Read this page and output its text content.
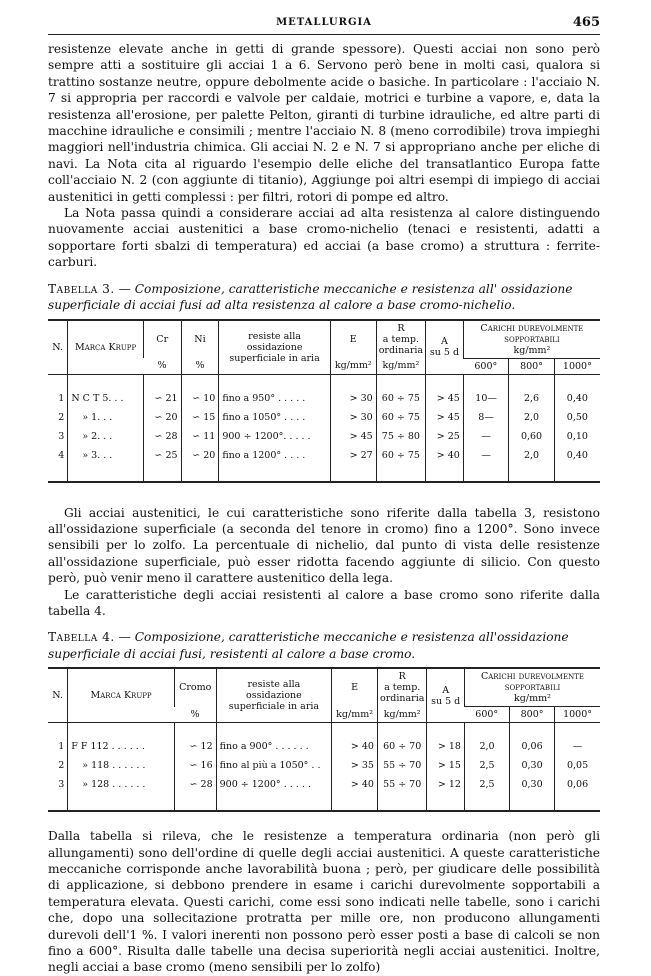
METALLURGIA	465

resistenze elevate anche in getti di grande spessore). Questi acciai non sono però sempre atti a sostituire gli acciai 1 a 6. Servono però bene in molti casi, qualora si trattino sostanze neutre, oppure debolmente acide o basiche. In particolare : l'acciaio N. 7 si appropria per raccordi e valvole per caldaie, motrici e turbine a vapore, e, data la resistenza all'erosione, per palette Pelton, giranti di turbine idrauliche, ed altre parti di macchine idrauliche e consimili ; mentre l'acciaio N. 8 (meno corrodibile) trova impieghi maggiori nell'industria chimica. Gli acciai N. 2 e N. 7 si appropriano anche per eliche di navi. La Nota cita al riguardo l'esempio delle eliche del transatlantico Europa fatte coll'acciaio N. 2 (con aggiunte di titanio), Aggiunge poi altri esempi di impiego di acciai austenitici in getti complessi : per filtri, rotori di pompe ed altro.

La Nota passa quindi a considerare acciai ad alta resistenza al calore distinguendo nuovamente acciai austenitici a base cromo-nichelio (tenaci e resistenti, adatti a sopportare forti sbalzi di temperatura) ed acciai (a base cromo) a struttura : ferrite-carburi.

Tabella 3. — Composizione, caratteristiche meccaniche e resistenza all' ossidazione superficiale di acciai fusi ad alta resistenza al calore a base cromo-nichelio.
N.	Marca Krupp	Cr	Ni	resiste alla ossidazione superficiale in aria	E	R
a temp.
ordinaria	A
su 5 d	Carichi durevolmente sopportabili
kg/mm²		
								600°	800°	1000°
		%	%		kg/mm²	kg/mm²				

1	N C T 5. . .	∽ 21	∽ 10	fino a 950° . . . . .	> 30	60 ÷ 75	> 45	10—	2,6	0,40
2	» 1. . .	∽ 20	∽ 15	fino a 1050° . . . .	> 30	60 ÷ 75	> 45	8—	2,0	0,50
3	» 2. . .	∽ 28	∽ 11	900 ÷ 1200°. . . . .	> 45	75 ÷ 80	> 25	—	0,60	0,10
4	» 3. . .	∽ 25	∽ 20	fino a 1200° . . . .	> 27	60 ÷ 75	> 40	—	2,0	0,40

Gli acciai austenitici, le cui caratteristiche sono riferite dalla tabella 3, resistono all'ossidazione superficiale (a seconda del tenore in cromo) fino a 1200°. Sono invece sensibili per lo zolfo. La percentuale di nichelio, dal punto di vista delle resistenze all'ossidazione superficiale, può esser ridotta facendo aggiunte di silicio. Con questo però, può venir meno il carattere austenitico della lega.

Le caratteristiche degli acciai resistenti al calore a base cromo sono riferite dalla tabella 4.

Tabella 4. — Composizione, caratteristiche meccaniche e resistenza all'ossidazione superficiale di acciai fusi, resistenti al calore a base cromo.
N.	Marca Krupp	Cromo	resiste alla ossidazione superficiale in aria	E	R
a temp.
ordinaria	A
su 5 d	Carichi durevolmente sopportabili
kg/mm²		
							600°	800°	1000°
		%		kg/mm²	kg/mm²				

1	F F 112 . . . . . .	∽ 12	fino a 900° . . . . . .	> 40	60 ÷ 70	> 18	2,0	0,06	—
2	» 118 . . . . . .	∽ 16	fino al più a 1050° . .	> 35	55 ÷ 70	> 15	2,5	0,30	0,05
3	» 128 . . . . . .	∽ 28	900 ÷ 1200° . . . . .	> 40	55 ÷ 70	> 12	2,5	0,30	0,06

Dalla tabella si rileva, che le resistenze a temperatura ordinaria (non però gli allungamenti) sono dell'ordine di quelle degli acciai austenitici. A queste caratteristiche meccaniche corrisponde anche lavorabilità buona ; però, per giudicare delle possibilità di applicazione, si debbono prendere in esame i carichi durevolmente sopportabili a temperatura elevata. Questi carichi, come essi sono indicati nelle tabelle, sono i carichi che, dopo una sollecitazione protratta per mille ore, non producono allungamenti durevoli dell'1 %. I valori inerenti non possono però esser posti a base di calcoli se non fino a 600°. Risulta dalle tabelle una decisa superiorità negli acciai austenitici. Inoltre, negli acciai a base cromo (meno sensibili per lo zolfo)
